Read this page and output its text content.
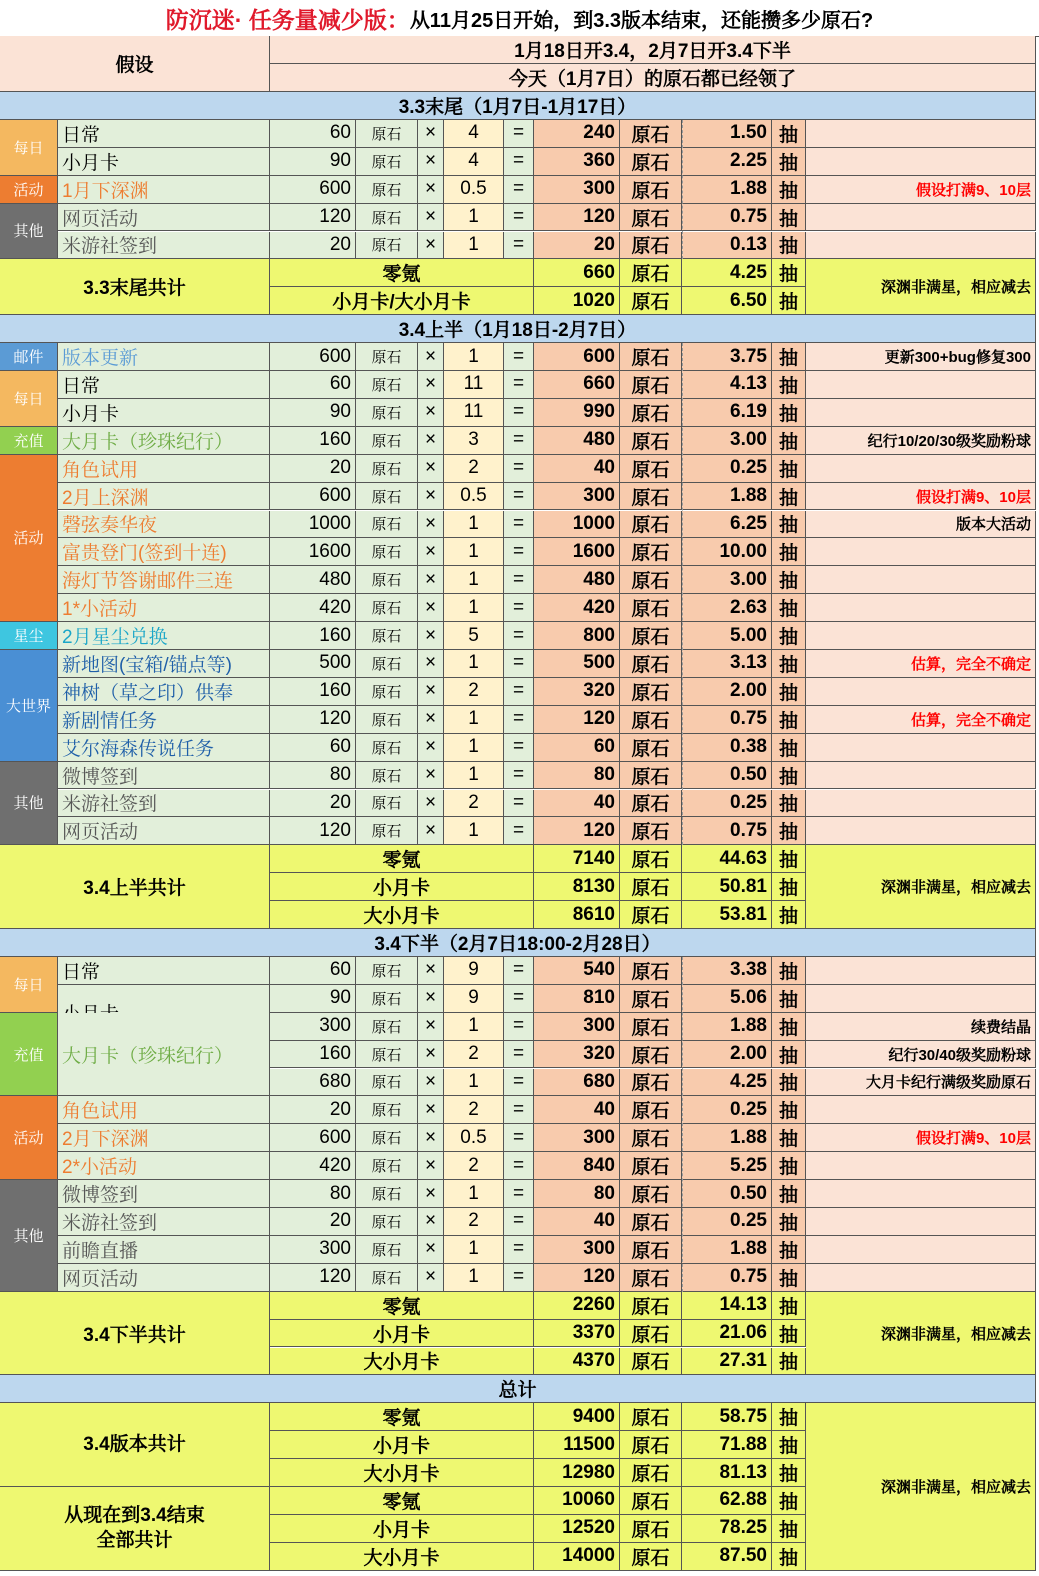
防沉迷· 任务量减少版： 从11月25日开始，到3.3版本结束，还能攒多少原石?
假设
1月18日开3.4，2月7日开3.4下半
今天（1月7日）的原石都已经领了
3.3末尾（1月7日-1月17日）
每日
日常	60	原石	×	4	=	240 原石	1.50 抽
小月卡	90	原石	×	4	=	360 原石	2.25 抽
活动 1月下深渊	600	原石	×	0.5	=	300 原石	1.88 抽	假设打满9、10层
其他
网页活动	120	原石	×	1	=	120 原石	0.75 抽
米游社签到	20	原石	×	1	=	20 原石	0.13 抽
3.3末尾共计
零氪	660 原石	4.25 抽
小月卡/大小月卡	1020 原石	6.50 抽
深渊非满星，相应减去
3.4上半（1月18日-2月7日）
邮件 版本更新	600	原石	×	1	=	600 原石	3.75 抽	更新300+bug修复300
每日
日常	60	原石	×	11	=	660 原石	4.13 抽
小月卡	90	原石	×	11	=	990 原石	6.19 抽
充值 大月卡（珍珠纪行）	160	原石	×	3	=	480 原石	3.00 抽	纪行10/20/30级奖励粉球
活动
角色试用	20	原石	×	2	=	40 原石	0.25 抽
2月上深渊	600	原石	×	0.5	=	300 原石	1.88 抽	假设打满9、10层
磬弦奏华夜	1000	原石	×	1	=	1000 原石	6.25 抽	版本大活动
富贵登门(签到十连)	1600	原石	×	1	=	1600 原石	10.00 抽
海灯节答谢邮件三连	480	原石	×	1	=	480 原石	3.00 抽
1*小活动	420	原石	×	1	=	420 原石	2.63 抽
星尘 2月星尘兑换	160	原石	×	5	=	800 原石	5.00 抽
大世界
新地图(宝箱/锚点等)	500	原石	×	1	=	500 原石	3.13 抽	估算，完全不确定
神树（草之印）供奉	160	原石	×	2	=	320 原石	2.00 抽
新剧情任务	120	原石	×	1	=	120 原石	0.75 抽	估算，完全不确定
艾尔海森传说任务	60	原石	×	1	=	60 原石	0.38 抽
其他
微博签到	80	原石	×	1	=	80 原石	0.50 抽
米游社签到	20	原石	×	2	=	40 原石	0.25 抽
网页活动	120	原石	×	1	=	120 原石	0.75 抽
3.4上半共计
零氪	7140 原石	44.63 抽
小月卡	8130 原石	50.81 抽
大小月卡	8610 原石	53.81 抽
深渊非满星，相应减去
3.4下半（2月7日18:00-2月28日）
每日
日常	60	原石	×	9	=	540 原石	3.38 抽
90	原石	×	9	=	810 原石	5.06 抽
充值
300	原石	×	1	=	300 原石	1.88 抽	续费结晶
大月卡（珍珠纪行）	160	原石	×	2	=	320 原石	2.00 抽	纪行30/40级奖励粉球
680	原石	×	1	=	680 原石	4.25 抽	大月卡纪行满级奖励原石
活动
角色试用	20	原石	×	2	=	40 原石	0.25 抽
2月下深渊	600	原石	×	0.5	=	300 原石	1.88 抽	假设打满9、10层
2*小活动	420	原石	×	2	=	840 原石	5.25 抽
其他
微博签到	80	原石	×	1	=	80 原石	0.50 抽
米游社签到	20	原石	×	2	=	40 原石	0.25 抽
前瞻直播	300	原石	×	1	=	300 原石	1.88 抽
网页活动	120	原石	×	1	=	120 原石	0.75 抽
3.4下半共计
零氪	2260 原石	14.13 抽
小月卡	3370 原石	21.06 抽
大小月卡	4370 原石	27.31 抽
深渊非满星，相应减去
总计
3.4版本共计
零氪	9400 原石	58.75 抽
小月卡	11500 原石	71.88 抽
大小月卡	12980 原石	81.13 抽
从现在到3.4结束
全部共计
零氪	10060 原石	62.88 抽
小月卡	12520 原石	78.25 抽
大小月卡	14000 原石	87.50 抽
深渊非满星，相应减去
